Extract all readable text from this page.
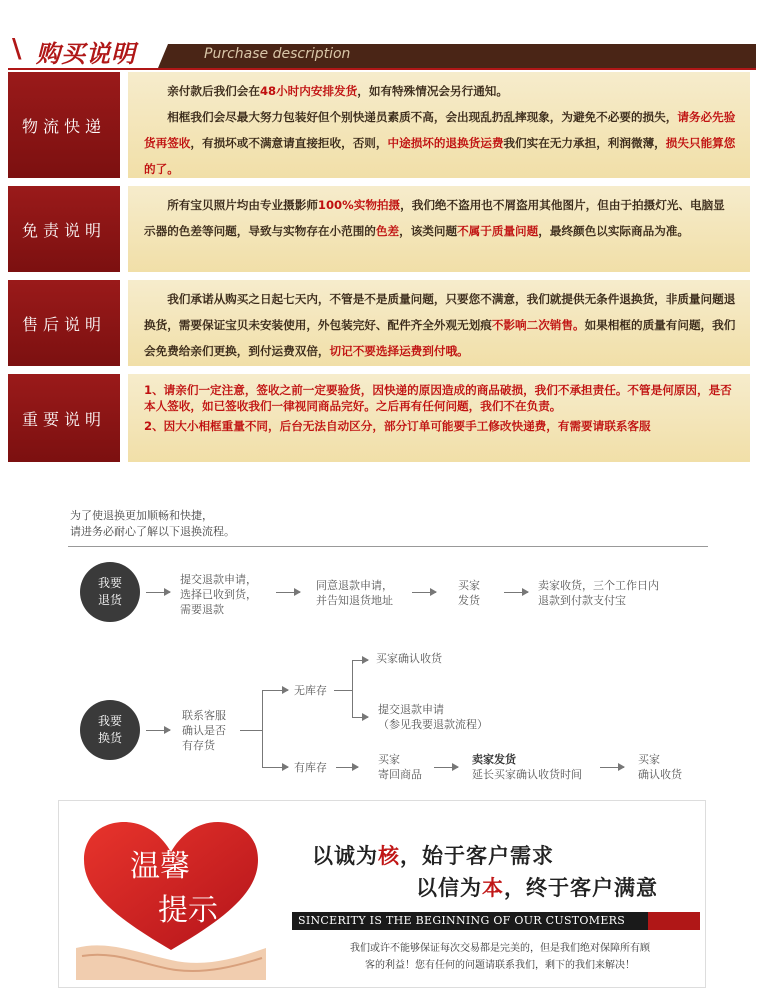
\ 购买说明	Purchase description
物流快递

亲付款后我们会在48小时内安排发货，如有特殊情况会另行通知。

相框我们会尽最大努力包装好但个别快递员素质不高，会出现乱扔乱摔现象，为避免不必要的损失，请务必先验货再签收，有损坏或不满意请直接拒收，否则，中途损坏的退换货运费我们实在无力承担，利润微薄，损失只能算您的了。

免责说明

所有宝贝照片均由专业摄影师100%实物拍摄，我们绝不盗用也不屑盗用其他图片，但由于拍摄灯光、电脑显示器的色差等问题，导致与实物存在小范围的色差，该类问题不属于质量问题，最终颜色以实际商品为准。

售后说明

我们承诺从购买之日起七天内，不管是不是质量问题，只要您不满意，我们就提供无条件退换货，非质量问题退换货，需要保证宝贝未安装使用，外包装完好、配件齐全外观无划痕不影响二次销售。如果相框的质量有问题，我们会免费给亲们更换，到付运费双倍，切记不要选择运费到付哦。

重要说明

1、请亲们一定注意，签收之前一定要验货，因快递的原因造成的商品破损，我们不承担责任。不管是何原因，是否本人签收，如已签收我们一律视同商品完好。之后再有任何问题，我们不在负责。

2、因大小相框重量不同，后台无法自动区分，部分订单可能要手工修改快递费，有需要请联系客服

为了使退换更加顺畅和快捷，
请进务必耐心了解以下退换流程。
我要
退货
提交退款申请，
选择已收到货，
需要退款
同意退款申请，
并告知退货地址
买家
发货
卖家收货，三个工作日内
退款到付款支付宝
我要
换货
联系客服
确认是否
有存货
无库存
买家确认收货
提交退款申请
（参见我要退款流程）
有库存
买家
寄回商品
卖家发货
延长买家确认收货时间
买家
确认收货
温馨
提示
以诚为核，始于客户需求
以信为本，终于客户满意
SINCERITY IS THE BEGINNING OF OUR CUSTOMERS
我们或许不能够保证每次交易都是完美的，但是我们绝对保障所有顾
客的利益！您有任何的问题请联系我们，剩下的我们来解决！
